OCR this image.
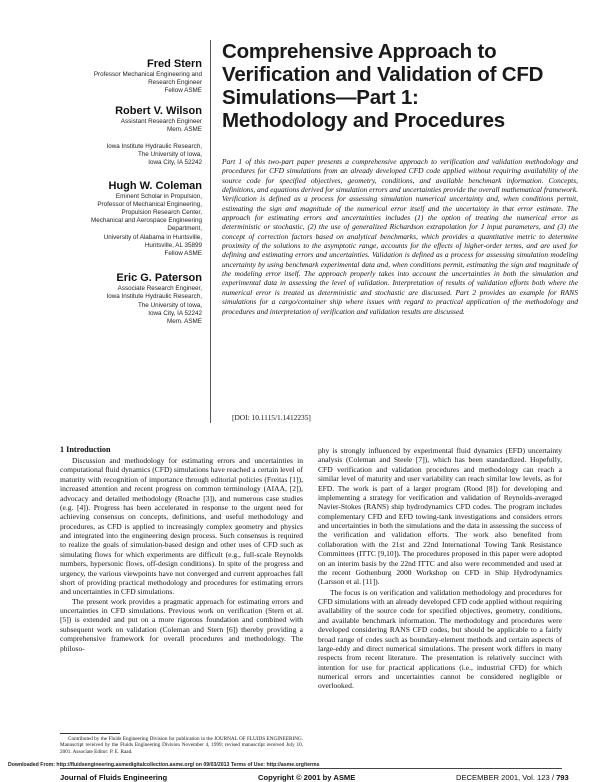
Fred Stern
Professor Mechanical Engineering and
Research Engineer
Fellow ASME
Robert V. Wilson
Assistant Research Engineer
Mem. ASME
Iowa Institute Hydraulic Research,
The University of Iowa,
Iowa City, IA 52242
Hugh W. Coleman
Eminent Scholar in Propulsion,
Professor of Mechanical Engineering,
Propulsion Research Center,
Mechanical and Aerospace Engineering
Department,
University of Alabama in Huntsville,
Huntsville, AL 35899
Fellow ASME
Eric G. Paterson
Associate Research Engineer,
Iowa Institute Hydraulic Research,
The University of Iowa,
Iowa City, IA 52242
Mem. ASME
Comprehensive Approach to
Verification and Validation of CFD
Simulations—Part 1:
Methodology and Procedures
Part 1 of this two-part paper presents a comprehensive approach to verification and validation methodology and procedures for CFD simulations from an already developed CFD code applied without requiring availability of the source code for specified objectives, geometry, conditions, and available benchmark information. Concepts, definitions, and equations derived for simulation errors and uncertainties provide the overall mathematical framework. Verification is defined as a process for assessing simulation numerical uncertainty and, when conditions permit, estimating the sign and magnitude of the numerical error itself and the uncertainty in that error estimate. The approach for estimating errors and uncertainties includes (1) the option of treating the numerical error as deterministic or stochastic, (2) the use of generalized Richardson extrapolation for J input parameters, and (3) the concept of correction factors based on analytical benchmarks, which provides a quantitative metric to determine proximity of the solutions to the asymptotic range, accounts for the effects of higher-order terms, and are used for defining and estimating errors and uncertainties. Validation is defined as a process for assessing simulation modeling uncertainty by using benchmark experimental data and, when conditions permit, estimating the sign and magnitude of the modeling error itself. The approach properly takes into account the uncertainties in both the simulation and experimental data in assessing the level of validation. Interpretation of results of validation efforts both where the numerical error is treated as deterministic and stochastic are discussed. Part 2 provides an example for RANS simulations for a cargo/container ship where issues with regard to practical application of the methodology and procedures and interpretation of verification and validation results are discussed.
[DOI: 10.1115/1.1412235]
1 Introduction

Discussion and methodology for estimating errors and uncertainties in computational fluid dynamics (CFD) simulations have reached a certain level of maturity with recognition of importance through editorial policies (Freitas [1]), increased attention and recent progress on common terminology (AIAA, [2]), advocacy and detailed methodology (Roache [3]), and numerous case studies (e.g. [4]). Progress has been accelerated in response to the urgent need for achieving consensus on concepts, definitions, and useful methodology and procedures, as CFD is applied to increasingly complex geometry and physics and integrated into the engineering design process. Such consensus is required to realize the goals of simulation-based design and other uses of CFD such as simulating flows for which experiments are difficult (e.g., full-scale Reynolds numbers, hypersonic flows, off-design conditions). In spite of the progress and urgency, the various viewpoints have not converged and current approaches fall short of providing practical methodology and procedures for estimating errors and uncertainties in CFD simulations.

The present work provides a pragmatic approach for estimating errors and uncertainties in CFD simulations. Previous work on verification (Stern et al. [5]) is extended and put on a more rigorous foundation and combined with subsequent work on validation (Coleman and Stern [6]) thereby providing a comprehensive framework for overall procedures and methodology. The philoso-

Contributed by the Fluids Engineering Division for publication in the JOURNAL OF FLUIDS ENGINEERING. Manuscript received by the Fluids Engineering Division November 4, 1999; revised manuscript received July 10, 2001. Associate Editor: P. E. Raad.

phy is strongly influenced by experimental fluid dynamics (EFD) uncertainty analysis (Coleman and Steele [7]), which has been standardized. Hopefully, CFD verification and validation procedures and methodology can reach a similar level of maturity and user variability can reach similar low levels, as for EFD. The work is part of a larger program (Rood [8]) for developing and implementing a strategy for verification and validation of Reynolds-averaged Navier-Stokes (RANS) ship hydrodynamics CFD codes. The program includes complementary CFD and EFD towing-tank investigations and considers errors and uncertainties in both the simulations and the data in assessing the success of the verification and validation efforts. The work also benefited from collaboration with the 21st and 22nd International Towing Tank Resistance Committees (ITTC [9,10]). The procedures proposed in this paper were adopted on an interim basis by the 22nd ITTC and also were recommended and used at the recent Gothenburg 2000 Workshop on CFD in Ship Hydrodynamics (Larsson et al. [11]).

The focus is on verification and validation methodology and procedures for CFD simulations with an already developed CFD code applied without requiring availability of the source code for specified objectives, geometry, conditions, and available benchmark information. The methodology and procedures were developed considering RANS CFD codes, but should be applicable to a fairly broad range of codes such as boundary-element methods and certain aspects of large-eddy and direct numerical simulations. The present work differs in many respects from recent literature. The presentation is relatively succinct with intention for use for practical applications (i.e., industrial CFD) for which numerical errors and uncertainties cannot be considered negligible or overlooked.

Journal of Fluids Engineering	Copyright © 2001 by ASME	DECEMBER 2001, Vol. 123 / 793
Downloaded From: http://fluidsengineering.asmedigitalcollection.asme.org/ on 09/03/2013 Terms of Use: http://asme.org/terms
